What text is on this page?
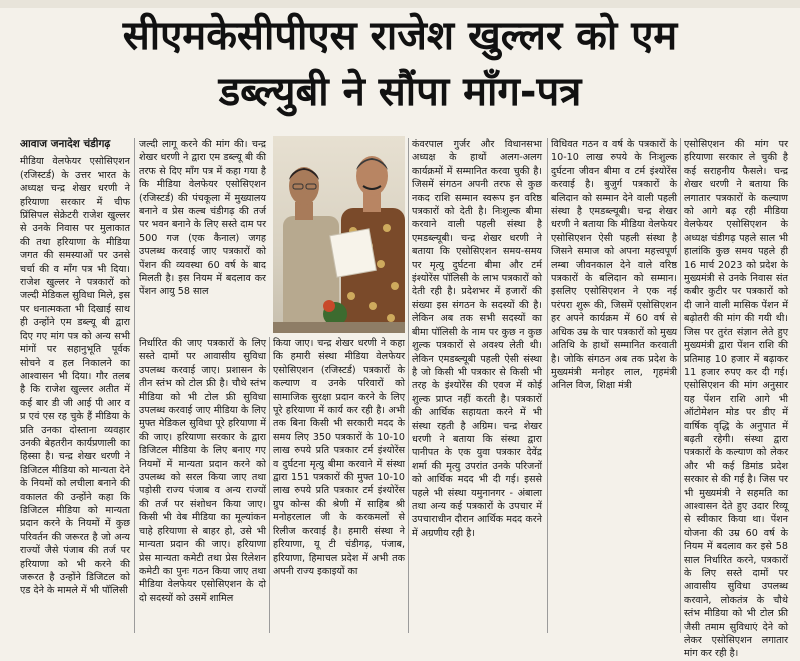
सीएमकेसीपीएस राजेश खुल्लर को एम
डब्ल्युबी ने सौंपा माँग-पत्र
आवाज जनादेश चंडीगढ़

मीडिया वेलफेयर एसोसिएशन (रजिस्टर्ड) के उत्तर भारत के अध्यक्ष चन्द्र शेखर धरणी ने हरियाणा सरकार में चीफ प्रिंसिपल सेक्रेटरी राजेश खुल्लर से उनके निवास पर मुलाकात की तथा हरियाणा के मीडिया जगत की समस्याओं पर उनसे चर्चा की व माँग पत्र भी दिया। राजेश खुल्लर ने पत्रकारों को जल्दी मेडिकल सुविधा मिले, इस पर धनात्मकता भी दिखाई साथ ही उन्होंने एम डब्ल्यू बी द्वारा दिए गए मांग पत्र को अन्य सभी मांगों पर सहानुभूति पूर्वक सोचने व हल निकालने का आश्वासन भी दिया। गौर तलब है कि राजेश खुल्लर अतीत में कई बार डी जी आई पी आर व प्र एवं एस रह चुके हैं मीडिया के प्रति उनका दोस्ताना व्यवहार उनकी बेहतरीन कार्यप्रणाली का हिस्सा है। चन्द्र शेखर धरणी ने डिजिटल मीडिया को मान्यता देने के नियमों को लचीला बनाने की वकालत की उन्होंने कहा कि डिजिटल मीडिया को मान्यता प्रदान करने के नियमों में कुछ परिवर्तन की जरूरत है जो अन्य राज्यों जैसे पंजाब की तर्ज पर हरियाणा को भी करने की जरूरत है उन्होंने डिजिटल को एड देने के मामले में भी पॉलिसी

जल्दी लागू करने की मांग की। चन्द्र शेखर धरणी ने द्वारा एम डब्ल्यू बी की तरफ से दिए माँग पत्र में कहा गया है कि मीडिया वेलफेयर एसोसिएशन (रजिस्टर्ड) की पंचकूला में मुख्यालय बनाने व प्रेस कल्ब चंडीगढ़ की तर्ज पर भवन बनाने के लिए सस्ते दाम पर 500 गज (एक कैनाल) जगह उपलब्ध करवाई जाए पत्रकारों को पेंशन की व्यवस्था 60 वर्ष के बाद मिलती है। इस नियम में बदलाव कर पेंशन आयु 58 साल

निर्धारित की जाए पत्रकारों के लिए सस्ते दामों पर आवासीय सुविधा उपलब्ध करवाई जाए। प्रशासन के तीन स्तंभ को टोल फ्री है। चौथे स्तंभ मीडिया को भी टोल फ्री सुविधा उपलब्ध करवाई जाए मीडिया के लिए मुफ्त मेडिकल सुविधा पूरे हरियाणा में की जाए। हरियाणा सरकार के द्वारा डिजिटल मीडिया के लिए बनाए गए नियमों में मान्यता प्रदान करने को उपलब्ध को सरल किया जाए तथा पड़ोसी राज्य पंजाब व अन्य राज्यों की तर्ज पर संशोधन किया जाए। किसी भी वेब मीडिया का मूल्यांकन चाहे हरियाणा से बाहर हो, उसे भी मान्यता प्रदान की जाए। हरियाणा प्रेस मान्यता कमेटी तथा प्रेस रिलेशन कमेटी का पुनः गठन किया जाए तथा मीडिया वेलफेयर एसोसिएशन के दो दो सदस्यों को उसमें शामिल

किया जाए। चन्द्र शेखर धरणी ने कहा कि हमारी संस्था मीडिया वेलफेयर एसोसिएशन (रजिस्टर्ड) पत्रकारों के कल्याण व उनके परिवारों को सामाजिक सुरक्षा प्रदान करने के लिए पूरे हरियाणा में कार्य कर रही है। अभी तक बिना किसी भी सरकारी मदद के समय लिए 350 पत्रकारों के 10-10 लाख रुपये प्रति पत्रकार टर्म इंश्योरेंस व दुर्घटना मृत्यु बीमा करवाने में संस्था द्वारा 151 पत्रकारों की मुफ्त 10-10 लाख रुपये प्रति पत्रकार टर्म इंश्योरेंस ग्रुप कोन्स की श्रेणी में साहिब श्री मनोहरलाल जी के करकमलों से रिलीज करवाई है। हमारी संस्था ने हरियाणा, यू टी चंडीगढ़, पंजाब, हरियाणा, हिमाचल प्रदेश में अभी तक अपनी राज्य इकाइयों का

कंवरपाल गुर्जर और विधानसभा अध्यक्ष के हाथों अलग-अलग कार्यक्रमों में सम्मानित करवा चुकी है। जिसमें संगठन अपनी तरफ से कुछ नकद राशि सम्मान स्वरूप इन वरिष्ठ पत्रकारों को देती है। निःशुल्क बीमा करवाने वाली पहली संस्था है एमडब्ल्यूबी। चन्द्र शेखर धरणी ने बताया कि एसोसिएशन समय-समय पर मृत्यु दुर्घटना बीमा और टर्म इंश्योरेंस पॉलिसी के लाभ पत्रकारों को देती रही है। प्रदेशभर में हजारों की संख्या इस संगठन के सदस्यों की है। लेकिन अब तक सभी सदस्यों का बीमा पॉलिसी के नाम पर कुछ न कुछ शुल्क पत्रकारों से अवश्य लेती थी। लेकिन एमडब्ल्यूबी पहली ऐसी संस्था है जो किसी भी पत्रकार से किसी भी तरह के इंश्योरेंस की एवज में कोई शुल्क प्राप्त नहीं करती है। पत्रकारों की आर्थिक सहायता करने में भी संस्था रहती है अग्रिम। चन्द्र शेखर धरणी ने बताया कि संस्था द्वारा पानीपत के एक युवा पत्रकार देवेंद्र शर्मा की मृत्यु उपरांत उनके परिजनों को आर्थिक मदद भी दी गई। इससे पहले भी संस्था यमुनानगर - अंबाला तथा अन्य कई पत्रकारों के उपचार में उपचाराधीन दौरान आर्थिक मदद करने में अग्रणीय रही है।

विधिवत गठन व वर्ष के पत्रकारों के 10-10 लाख रुपये के निःशुल्क दुर्घटना जीवन बीमा व टर्म इंश्योरेंस करवाई है। बुजुर्ग पत्रकारों के बलिदान को सम्मान देने वाली पहली संस्था है एमडब्ल्यूबी। चन्द्र शेखर धरणी ने बताया कि मीडिया वेलफेयर एसोसिएशन ऐसी पहली संस्था है जिसने समाज को अपना महत्त्वपूर्ण लम्बा जीवनकाल देने वाले वरिष्ठ पत्रकारों के बलिदान को सम्मान। इसलिए एसोसिएशन ने एक नई परंपरा शुरू की, जिसमें एसोसिएशन हर अपने कार्यक्रम में 60 वर्ष से अधिक उम्र के चार पत्रकारों को मुख्य अतिथि के हाथों सम्मानित करवाती है। जोकि संगठन अब तक प्रदेश के मुख्यमंत्री मनोहर लाल, गृहमंत्री अनिल विज, शिक्षा मंत्री

एसोसिएशन की मांग पर हरियाणा सरकार ले चुकी है कई सराहनीय फैसले। चन्द्र शेखर धरणी ने बताया कि लगातार पत्रकारों के कल्याण को आगे बढ़ रही मीडिया वेलफेयर एसोसिएशन के अध्यक्ष चंडीगढ़ पहले साल भी हालांकि कुछ समय पहले ही 16 मार्च 2023 को प्रदेश के मुख्यमंत्री से उनके निवास संत कबीर कुटीर पर पत्रकारों को दी जाने वाली मासिक पेंशन में बढ़ोतरी की मांग की गयी थी। जिस पर तुरंत संज्ञान लेते हुए मुख्यमंत्री द्वारा पेंशन राशि की प्रतिमाह 10 हजार में बढ़ाकर 11 हजार रुपए कर दी गई। एसोसिएशन की मांग अनुसार यह पेंशन राशि आगे भी ऑटोमेशन मोड पर डीए में वार्षिक वृद्धि के अनुपात में बढ़ती रहेगी। संस्था द्वारा पत्रकारों के कल्याण को लेकर और भी कई डिमांड प्रदेश सरकार से की गई है। जिस पर भी मुख्यमंत्री ने सहमति का आश्वासन देते हुए उदार रिव्यू से स्वीकार किया था। पेंशन योजना की उम्र 60 वर्ष के नियम में बदलाव कर इसे 58 साल निर्धारित करने, पत्रकारों के लिए सस्ते दामों पर आवासीय सुविधा उपलब्ध करवाने, लोकतंत्र के चौथे स्तंभ मीडिया को भी टोल फ्री जैसी तमाम सुविधाएं देने को लेकर एसोसिएशन लगातार मांग कर रही है।
